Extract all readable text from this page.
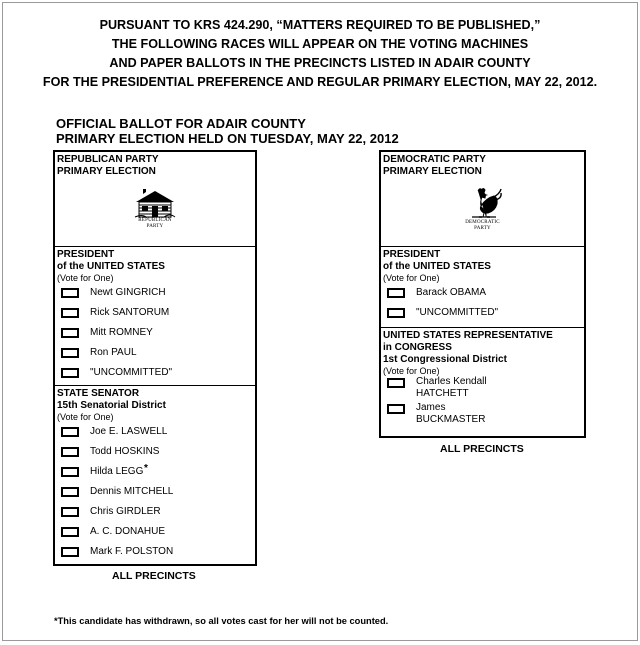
PURSUANT TO KRS 424.290, “MATTERS REQUIRED TO BE PUBLISHED,”
THE FOLLOWING RACES WILL APPEAR ON THE VOTING MACHINES
AND PAPER BALLOTS IN THE PRECINCTS LISTED IN ADAIR COUNTY
FOR THE PRESIDENTIAL PREFERENCE AND REGULAR PRIMARY ELECTION, MAY 22, 2012.
OFFICIAL BALLOT FOR ADAIR COUNTY
PRIMARY ELECTION HELD ON TUESDAY, MAY 22, 2012
REPUBLICAN PARTY
PRIMARY ELECTION
REPUBLICAN
PARTY
PRESIDENT
of the UNITED STATES
(Vote for One)
Newt GINGRICH
Rick SANTORUM
Mitt ROMNEY
Ron PAUL
"UNCOMMITTED"
STATE SENATOR
15th Senatorial District
(Vote for One)
Joe E. LASWELL
Todd HOSKINS
Hilda LEGG *
Dennis MITCHELL
Chris GIRDLER
A. C. DONAHUE
Mark F. POLSTON
ALL PRECINCTS
DEMOCRATIC PARTY
PRIMARY ELECTION
DEMOCRATIC
PARTY
PRESIDENT
of the UNITED STATES
(Vote for One)
Barack OBAMA
"UNCOMMITTED"
UNITED STATES REPRESENTATIVE
in CONGRESS
1st Congressional District
(Vote for One)
Charles Kendall
HATCHETT
James
BUCKMASTER
ALL PRECINCTS
*This candidate has withdrawn, so all votes cast for her will not be counted.
